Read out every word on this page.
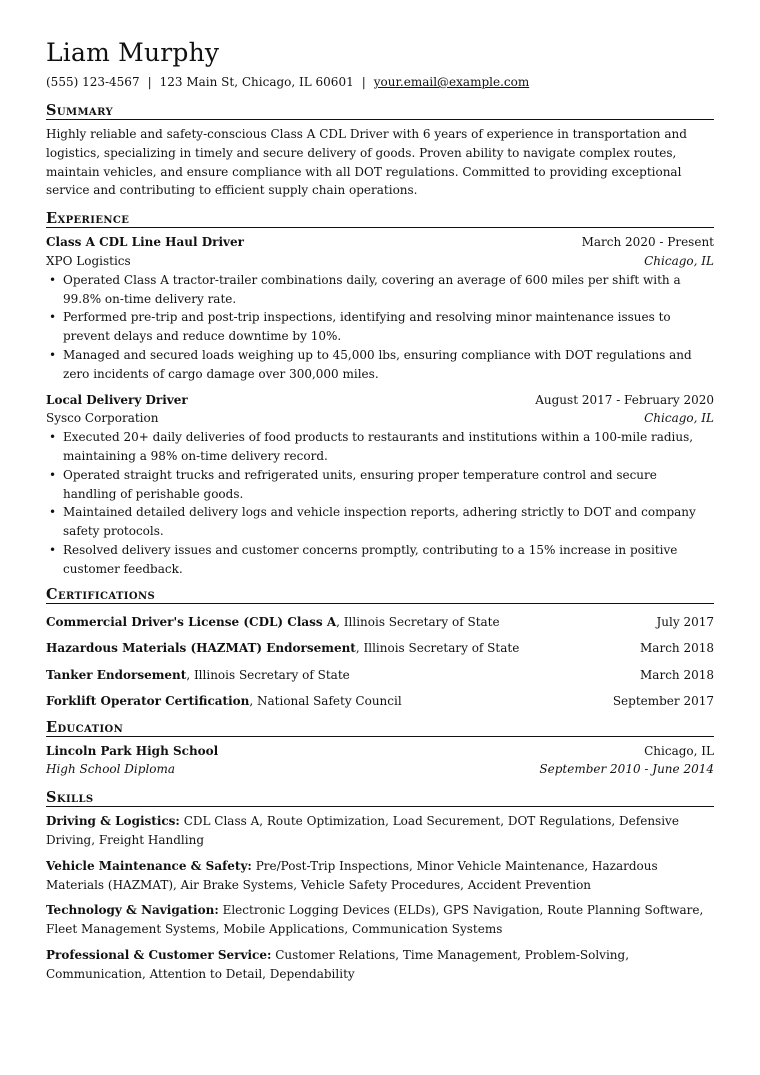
Liam Murphy
(555) 123-4567 | 123 Main St, Chicago, IL 60601 | your.email@example.com
Summary

Highly reliable and safety-conscious Class A CDL Driver with 6 years of experience in transportation and logistics, specializing in timely and secure delivery of goods. Proven ability to navigate complex routes, maintain vehicles, and ensure compliance with all DOT regulations. Committed to providing exceptional service and contributing to efficient supply chain operations.

Experience
Class A CDL Line Haul Driver	March 2020 - Present
XPO Logistics	Chicago, IL
• Operated Class A tractor-trailer combinations daily, covering an average of 600 miles per shift with a 99.8% on-time delivery rate.
• Performed pre-trip and post-trip inspections, identifying and resolving minor maintenance issues to prevent delays and reduce downtime by 10%.
• Managed and secured loads weighing up to 45,000 lbs, ensuring compliance with DOT regulations and zero incidents of cargo damage over 300,000 miles.
Local Delivery Driver	August 2017 - February 2020
Sysco Corporation	Chicago, IL
• Executed 20+ daily deliveries of food products to restaurants and institutions within a 100-mile radius, maintaining a 98% on-time delivery record.
• Operated straight trucks and refrigerated units, ensuring proper temperature control and secure handling of perishable goods.
• Maintained detailed delivery logs and vehicle inspection reports, adhering strictly to DOT and company safety protocols.
• Resolved delivery issues and customer concerns promptly, contributing to a 15% increase in positive customer feedback.
Certifications
Commercial Driver's License (CDL) Class A, Illinois Secretary of State	July 2017
Hazardous Materials (HAZMAT) Endorsement, Illinois Secretary of State	March 2018
Tanker Endorsement, Illinois Secretary of State	March 2018
Forklift Operator Certification, National Safety Council	September 2017
Education
Lincoln Park High School	Chicago, IL
High School Diploma	September 2010 - June 2014
Skills
Driving & Logistics: CDL Class A, Route Optimization, Load Securement, DOT Regulations, Defensive Driving, Freight Handling
Vehicle Maintenance & Safety: Pre/Post-Trip Inspections, Minor Vehicle Maintenance, Hazardous Materials (HAZMAT), Air Brake Systems, Vehicle Safety Procedures, Accident Prevention
Technology & Navigation: Electronic Logging Devices (ELDs), GPS Navigation, Route Planning Software, Fleet Management Systems, Mobile Applications, Communication Systems
Professional & Customer Service: Customer Relations, Time Management, Problem-Solving, Communication, Attention to Detail, Dependability
